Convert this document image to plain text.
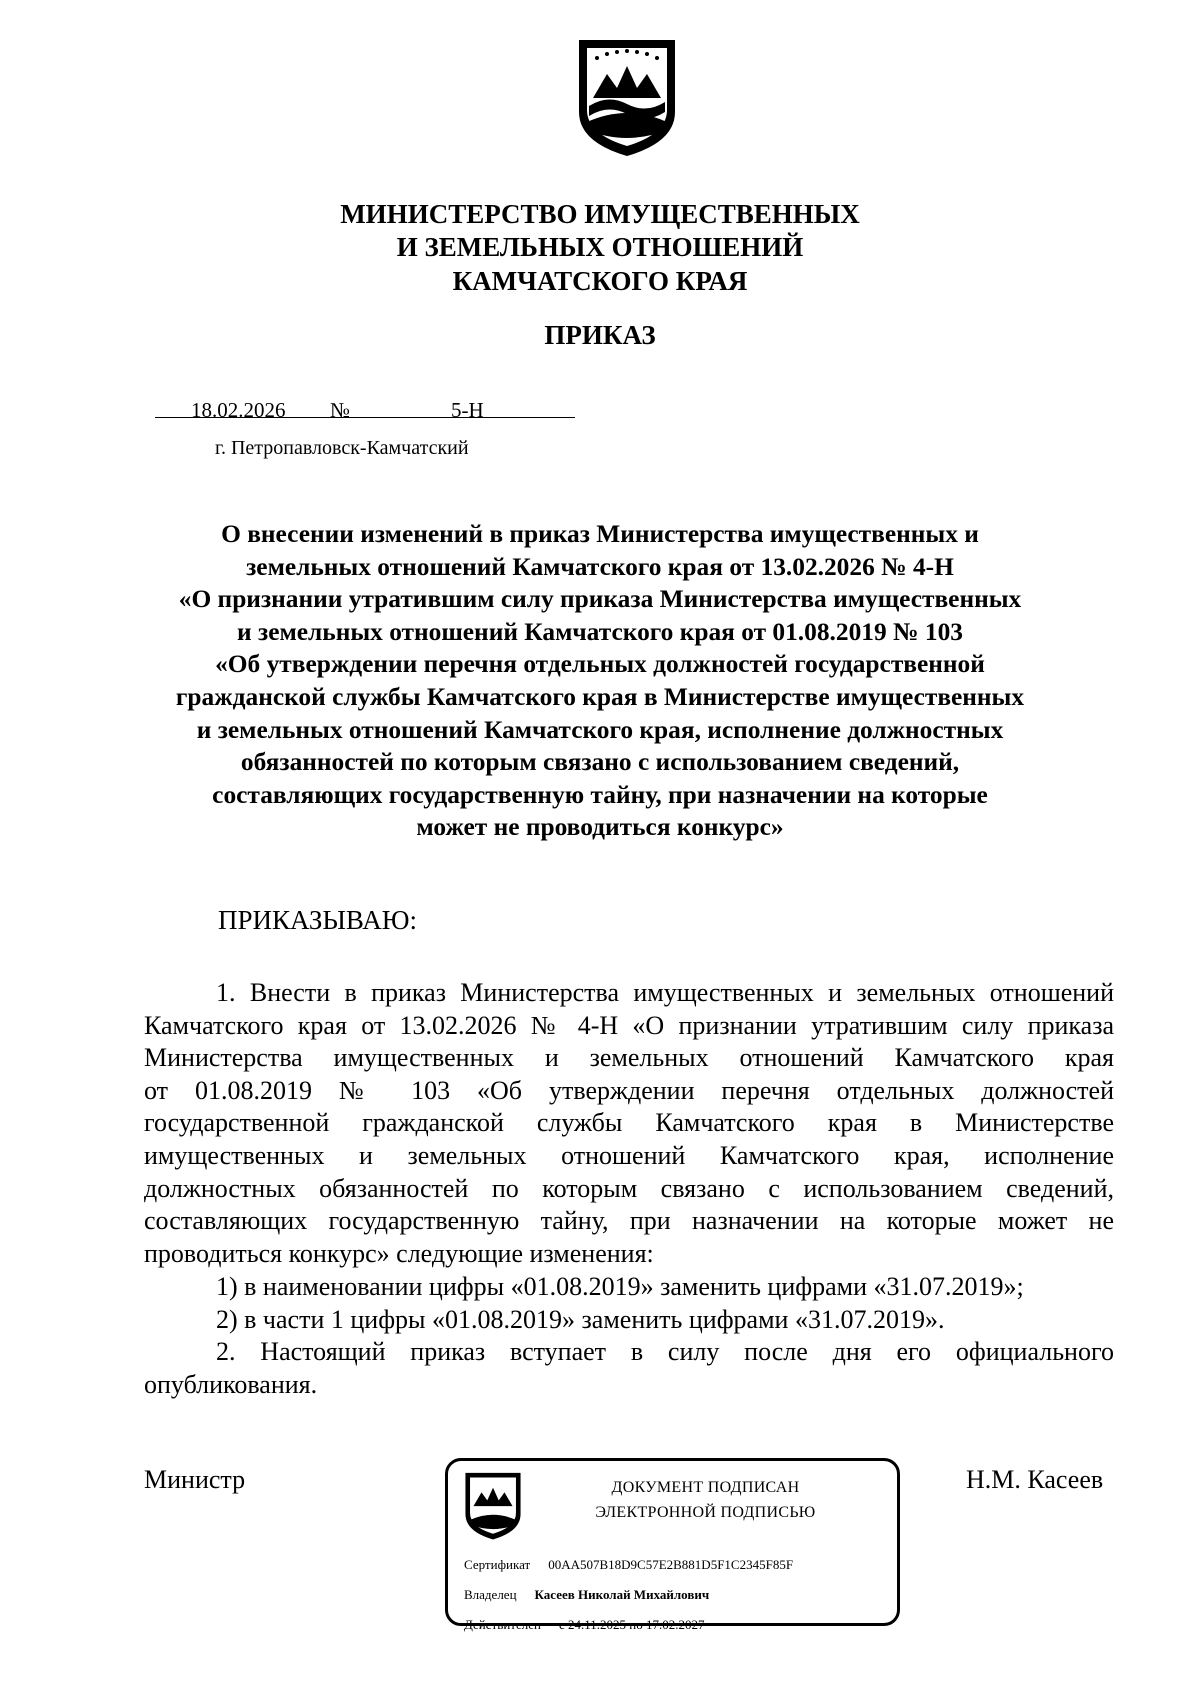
МИНИСТЕРСТВО ИМУЩЕСТВЕННЫХ
И ЗЕМЕЛЬНЫХ ОТНОШЕНИЙ
КАМЧАТСКОГО КРАЯ
ПРИКАЗ
18.02.2026 №	5-Н
г. Петропавловск-Камчатский
О внесении изменений в приказ Министерства имущественных и
земельных отношений Камчатского края от 13.02.2026 № 4-Н
«О признании утратившим силу приказа Министерства имущественных
и земельных отношений Камчатского края от 01.08.2019 № 103
«Об утверждении перечня отдельных должностей государственной
гражданской службы Камчатского края в Министерстве имущественных
и земельных отношений Камчатского края, исполнение должностных
обязанностей по которым связано с использованием сведений,
составляющих государственную тайну, при назначении на которые
может не проводиться конкурс»
ПРИКАЗЫВАЮ:
1. Внести в приказ Министерства имущественных и земельных отношений
Камчатского края от 13.02.2026 № 4-Н «О признании утратившим силу приказа
Министерства имущественных и земельных отношений Камчатского края
от 01.08.2019 № 103 «Об утверждении перечня отдельных должностей
государственной гражданской службы Камчатского края в Министерстве
имущественных и земельных отношений Камчатского края, исполнение
должностных обязанностей по которым связано с использованием сведений,
составляющих государственную тайну, при назначении на которые может не
проводиться конкурс» следующие изменения:
1) в наименовании цифры «01.08.2019» заменить цифрами «31.07.2019»;
2) в части 1 цифры «01.08.2019» заменить цифрами «31.07.2019».
2. Настоящий приказ вступает в силу после дня его официального
опубликования.
Министр	Н.М. Касеев
ДОКУМЕНТ ПОДПИСАН
ЭЛЕКТРОННОЙ ПОДПИСЬЮ
Сертификат 00AA507B18D9C57E2B881D5F1C2345F85F
Владелец Касеев Николай Михайлович
Действителен с 24.11.2025 по 17.02.2027
